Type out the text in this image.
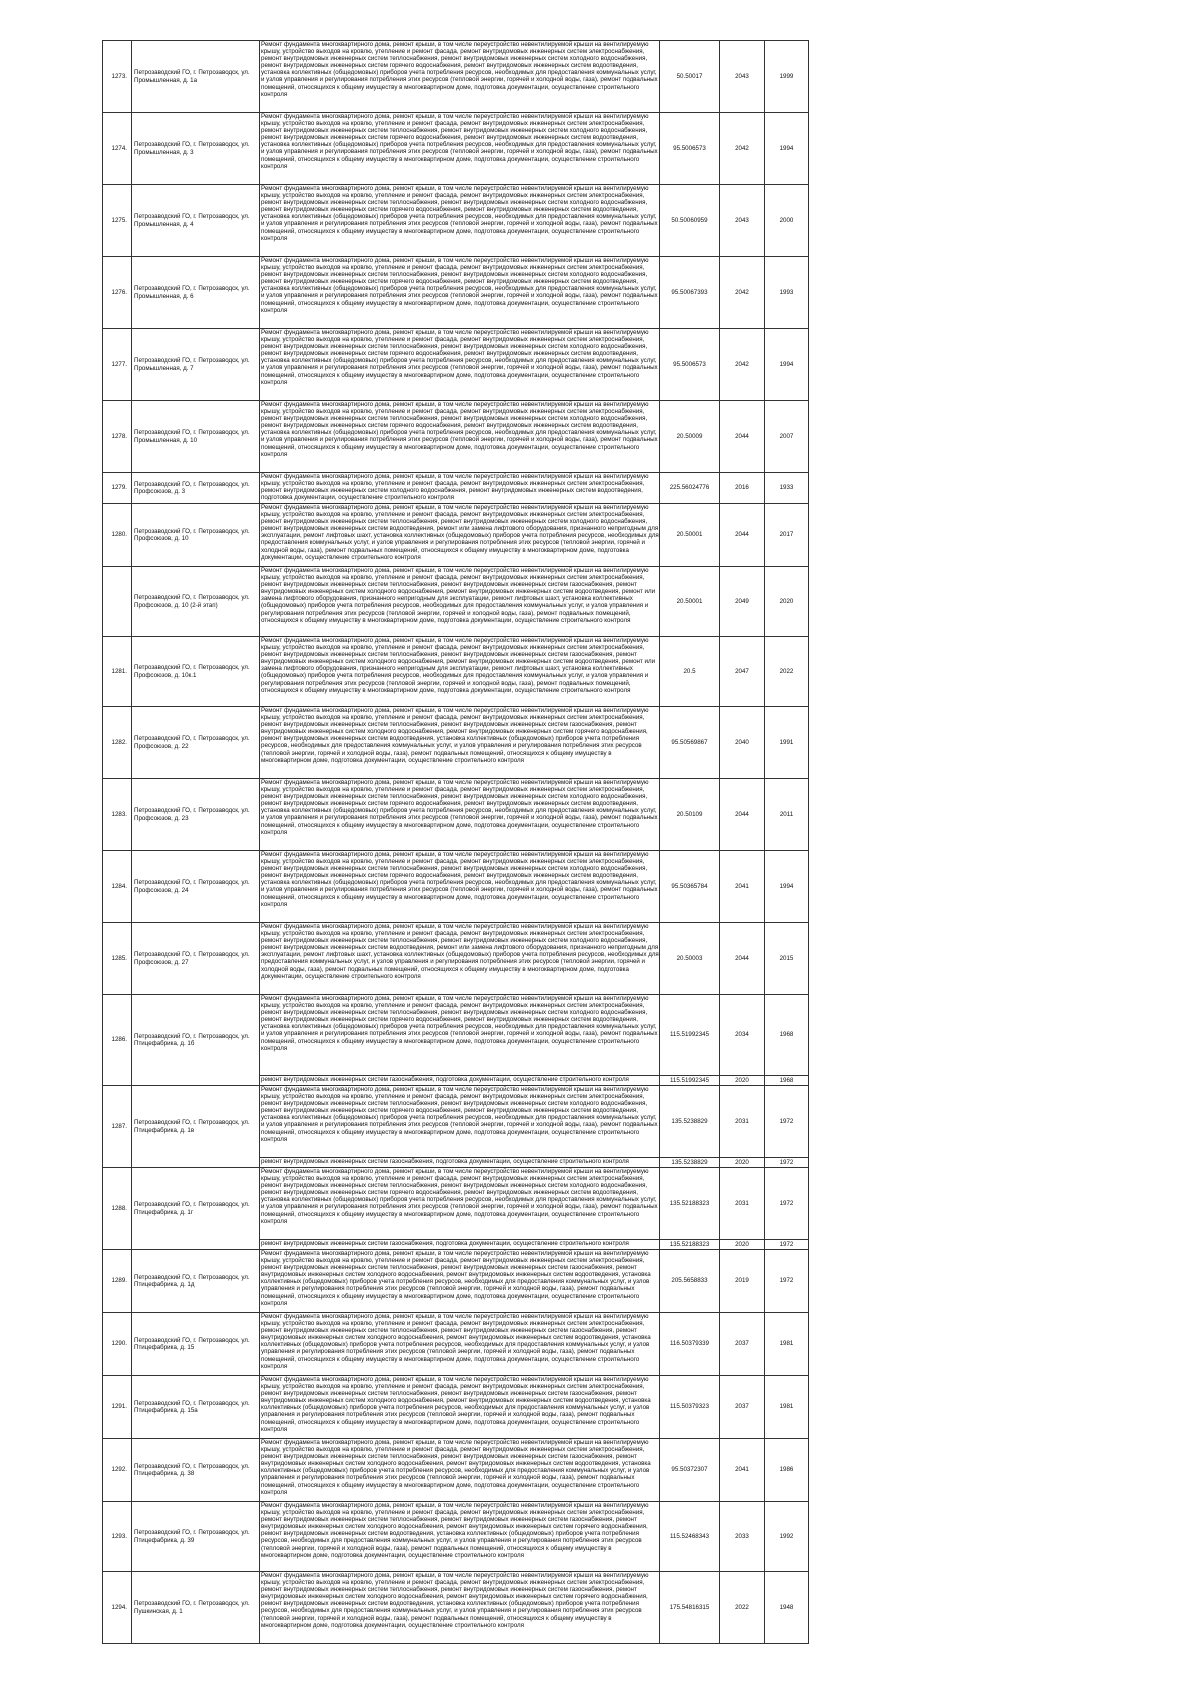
1273.	Петрозаводский ГО, г. Петрозаводск, ул. Промышленная, д. 1а	Ремонт фундамента многоквартирного дома, ремонт крыши, в том числе переустройство невентилируемой крыши на вентилируемую крышу, устройство выходов на кровлю, утепление и ремонт фасада, ремонт внутридомовых инженерных систем электроснабжения, ремонт внутридомовых инженерных систем теплоснабжения, ремонт внутридомовых инженерных систем холодного водоснабжения, ремонт внутридомовых инженерных систем горячего водоснабжения, ремонт внутридомовых инженерных систем водоотведения, установка коллективных (общедомовых) приборов учета потребления ресурсов, необходимых для предоставления коммунальных услуг, и узлов управления и регулирования потребления этих ресурсов (тепловой энергии, горячей и холодной воды, газа), ремонт подвальных помещений, относящихся к общему имуществу в многоквартирном доме, подготовка документации, осуществление строительного контроля	50.50017	2043	1999
1274.	Петрозаводский ГО, г. Петрозаводск, ул. Промышленная, д. 3	Ремонт фундамента многоквартирного дома, ремонт крыши, в том числе переустройство невентилируемой крыши на вентилируемую крышу, устройство выходов на кровлю, утепление и ремонт фасада, ремонт внутридомовых инженерных систем электроснабжения, ремонт внутридомовых инженерных систем теплоснабжения, ремонт внутридомовых инженерных систем холодного водоснабжения, ремонт внутридомовых инженерных систем горячего водоснабжения, ремонт внутридомовых инженерных систем водоотведения, установка коллективных (общедомовых) приборов учета потребления ресурсов, необходимых для предоставления коммунальных услуг, и узлов управления и регулирования потребления этих ресурсов (тепловой энергии, горячей и холодной воды, газа), ремонт подвальных помещений, относящихся к общему имуществу в многоквартирном доме, подготовка документации, осуществление строительного контроля	95.5006573	2042	1994
1275.	Петрозаводский ГО, г. Петрозаводск, ул. Промышленная, д. 4	Ремонт фундамента многоквартирного дома, ремонт крыши, в том числе переустройство невентилируемой крыши на вентилируемую крышу, устройство выходов на кровлю, утепление и ремонт фасада, ремонт внутридомовых инженерных систем электроснабжения, ремонт внутридомовых инженерных систем теплоснабжения, ремонт внутридомовых инженерных систем холодного водоснабжения, ремонт внутридомовых инженерных систем горячего водоснабжения, ремонт внутридомовых инженерных систем водоотведения, установка коллективных (общедомовых) приборов учета потребления ресурсов, необходимых для предоставления коммунальных услуг, и узлов управления и регулирования потребления этих ресурсов (тепловой энергии, горячей и холодной воды, газа), ремонт подвальных помещений, относящихся к общему имуществу в многоквартирном доме, подготовка документации, осуществление строительного контроля	50.50060959	2043	2000
1276.	Петрозаводский ГО, г. Петрозаводск, ул. Промышленная, д. 6	Ремонт фундамента многоквартирного дома, ремонт крыши, в том числе переустройство невентилируемой крыши на вентилируемую крышу, устройство выходов на кровлю, утепление и ремонт фасада, ремонт внутридомовых инженерных систем электроснабжения, ремонт внутридомовых инженерных систем теплоснабжения, ремонт внутридомовых инженерных систем холодного водоснабжения, ремонт внутридомовых инженерных систем горячего водоснабжения, ремонт внутридомовых инженерных систем водоотведения, установка коллективных (общедомовых) приборов учета потребления ресурсов, необходимых для предоставления коммунальных услуг, и узлов управления и регулирования потребления этих ресурсов (тепловой энергии, горячей и холодной воды, газа), ремонт подвальных помещений, относящихся к общему имуществу в многоквартирном доме, подготовка документации, осуществление строительного контроля	95.50067393	2042	1993
1277.	Петрозаводский ГО, г. Петрозаводск, ул. Промышленная, д. 7	Ремонт фундамента многоквартирного дома, ремонт крыши, в том числе переустройство невентилируемой крыши на вентилируемую крышу, устройство выходов на кровлю, утепление и ремонт фасада, ремонт внутридомовых инженерных систем электроснабжения, ремонт внутридомовых инженерных систем теплоснабжения, ремонт внутридомовых инженерных систем холодного водоснабжения, ремонт внутридомовых инженерных систем горячего водоснабжения, ремонт внутридомовых инженерных систем водоотведения, установка коллективных (общедомовых) приборов учета потребления ресурсов, необходимых для предоставления коммунальных услуг, и узлов управления и регулирования потребления этих ресурсов (тепловой энергии, горячей и холодной воды, газа), ремонт подвальных помещений, относящихся к общему имуществу в многоквартирном доме, подготовка документации, осуществление строительного контроля	95.5006573	2042	1994
1278.	Петрозаводский ГО, г. Петрозаводск, ул. Промышленная, д. 10	Ремонт фундамента многоквартирного дома, ремонт крыши, в том числе переустройство невентилируемой крыши на вентилируемую крышу, устройство выходов на кровлю, утепление и ремонт фасада, ремонт внутридомовых инженерных систем электроснабжения, ремонт внутридомовых инженерных систем теплоснабжения, ремонт внутридомовых инженерных систем холодного водоснабжения, ремонт внутридомовых инженерных систем горячего водоснабжения, ремонт внутридомовых инженерных систем водоотведения, установка коллективных (общедомовых) приборов учета потребления ресурсов, необходимых для предоставления коммунальных услуг, и узлов управления и регулирования потребления этих ресурсов (тепловой энергии, горячей и холодной воды, газа), ремонт подвальных помещений, относящихся к общему имуществу в многоквартирном доме, подготовка документации, осуществление строительного контроля	20.50009	2044	2007
1279.	Петрозаводский ГО, г. Петрозаводск, ул. Профсоюзов, д. 3	Ремонт фундамента многоквартирного дома, ремонт крыши, в том числе переустройство невентилируемой крыши на вентилируемую крышу, устройство выходов на кровлю, утепление и ремонт фасада, ремонт внутридомовых инженерных систем электроснабжения, ремонт внутридомовых инженерных систем холодного водоснабжения, ремонт внутридомовых инженерных систем водоотведения, подготовка документации, осуществление строительного контроля	225.56024776	2016	1933
1280.	Петрозаводский ГО, г. Петрозаводск, ул. Профсоюзов, д. 10	Ремонт фундамента многоквартирного дома, ремонт крыши, в том числе переустройство невентилируемой крыши на вентилируемую крышу, устройство выходов на кровлю, утепление и ремонт фасада, ремонт внутридомовых инженерных систем электроснабжения, ремонт внутридомовых инженерных систем теплоснабжения, ремонт внутридомовых инженерных систем холодного водоснабжения, ремонт внутридомовых инженерных систем водоотведения, ремонт или замена лифтового оборудования, признанного непригодным для эксплуатации, ремонт лифтовых шахт, установка коллективных (общедомовых) приборов учета потребления ресурсов, необходимых для предоставления коммунальных услуг, и узлов управления и регулирования потребления этих ресурсов (тепловой энергии, горячей и холодной воды, газа), ремонт подвальных помещений, относящихся к общему имуществу в многоквартирном доме, подготовка документации, осуществление строительного контроля	20.50001	2044	2017
	Петрозаводский ГО, г. Петрозаводск, ул. Профсоюзов, д. 10 (2-й этап)	Ремонт фундамента многоквартирного дома, ремонт крыши, в том числе переустройство невентилируемой крыши на вентилируемую крышу, устройство выходов на кровлю, утепление и ремонт фасада, ремонт внутридомовых инженерных систем электроснабжения, ремонт внутридомовых инженерных систем теплоснабжения, ремонт внутридомовых инженерных систем газоснабжения, ремонт внутридомовых инженерных систем холодного водоснабжения, ремонт внутридомовых инженерных систем водоотведения, ремонт или замена лифтового оборудования, признанного непригодным для эксплуатации, ремонт лифтовых шахт, установка коллективных (общедомовых) приборов учета потребления ресурсов, необходимых для предоставления коммунальных услуг, и узлов управления и регулирования потребления этих ресурсов (тепловой энергии, горячей и холодной воды, газа), ремонт подвальных помещений, относящихся к общему имуществу в многоквартирном доме, подготовка документации, осуществление строительного контроля	20.50001	2049	2020
1281.	Петрозаводский ГО, г. Петрозаводск, ул. Профсоюзов, д. 10к.1	Ремонт фундамента многоквартирного дома, ремонт крыши, в том числе переустройство невентилируемой крыши на вентилируемую крышу, устройство выходов на кровлю, утепление и ремонт фасада, ремонт внутридомовых инженерных систем электроснабжения, ремонт внутридомовых инженерных систем теплоснабжения, ремонт внутридомовых инженерных систем газоснабжения, ремонт внутридомовых инженерных систем холодного водоснабжения, ремонт внутридомовых инженерных систем водоотведения, ремонт или замена лифтового оборудования, признанного непригодным для эксплуатации, ремонт лифтовых шахт, установка коллективных (общедомовых) приборов учета потребления ресурсов, необходимых для предоставления коммунальных услуг, и узлов управления и регулирования потребления этих ресурсов (тепловой энергии, горячей и холодной воды, газа), ремонт подвальных помещений, относящихся к общему имуществу в многоквартирном доме, подготовка документации, осуществление строительного контроля	20.5	2047	2022
1282.	Петрозаводский ГО, г. Петрозаводск, ул. Профсоюзов, д. 22	Ремонт фундамента многоквартирного дома, ремонт крыши, в том числе переустройство невентилируемой крыши на вентилируемую крышу, устройство выходов на кровлю, утепление и ремонт фасада, ремонт внутридомовых инженерных систем электроснабжения, ремонт внутридомовых инженерных систем теплоснабжения, ремонт внутридомовых инженерных систем газоснабжения, ремонт внутридомовых инженерных систем холодного водоснабжения, ремонт внутридомовых инженерных систем горячего водоснабжения, ремонт внутридомовых инженерных систем водоотведения, установка коллективных (общедомовых) приборов учета потребления ресурсов, необходимых для предоставления коммунальных услуг, и узлов управления и регулирования потребления этих ресурсов (тепловой энергии, горячей и холодной воды, газа), ремонт подвальных помещений, относящихся к общему имуществу в многоквартирном доме, подготовка документации, осуществление строительного контроля	95.50569867	2040	1991
1283.	Петрозаводский ГО, г. Петрозаводск, ул. Профсоюзов, д. 23	Ремонт фундамента многоквартирного дома, ремонт крыши, в том числе переустройство невентилируемой крыши на вентилируемую крышу, устройство выходов на кровлю, утепление и ремонт фасада, ремонт внутридомовых инженерных систем электроснабжения, ремонт внутридомовых инженерных систем теплоснабжения, ремонт внутридомовых инженерных систем холодного водоснабжения, ремонт внутридомовых инженерных систем горячего водоснабжения, ремонт внутридомовых инженерных систем водоотведения, установка коллективных (общедомовых) приборов учета потребления ресурсов, необходимых для предоставления коммунальных услуг, и узлов управления и регулирования потребления этих ресурсов (тепловой энергии, горячей и холодной воды, газа), ремонт подвальных помещений, относящихся к общему имуществу в многоквартирном доме, подготовка документации, осуществление строительного контроля	20.50109	2044	2011
1284.	Петрозаводский ГО, г. Петрозаводск, ул. Профсоюзов, д. 24	Ремонт фундамента многоквартирного дома, ремонт крыши, в том числе переустройство невентилируемой крыши на вентилируемую крышу, устройство выходов на кровлю, утепление и ремонт фасада, ремонт внутридомовых инженерных систем электроснабжения, ремонт внутридомовых инженерных систем теплоснабжения, ремонт внутридомовых инженерных систем холодного водоснабжения, ремонт внутридомовых инженерных систем горячего водоснабжения, ремонт внутридомовых инженерных систем водоотведения, установка коллективных (общедомовых) приборов учета потребления ресурсов, необходимых для предоставления коммунальных услуг, и узлов управления и регулирования потребления этих ресурсов (тепловой энергии, горячей и холодной воды, газа), ремонт подвальных помещений, относящихся к общему имуществу в многоквартирном доме, подготовка документации, осуществление строительного контроля	95.50365784	2041	1994
1285.	Петрозаводский ГО, г. Петрозаводск, ул. Профсоюзов, д. 27	Ремонт фундамента многоквартирного дома, ремонт крыши, в том числе переустройство невентилируемой крыши на вентилируемую крышу, устройство выходов на кровлю, утепление и ремонт фасада, ремонт внутридомовых инженерных систем электроснабжения, ремонт внутридомовых инженерных систем теплоснабжения, ремонт внутридомовых инженерных систем холодного водоснабжения, ремонт внутридомовых инженерных систем водоотведения, ремонт или замена лифтового оборудования, признанного непригодным для эксплуатации, ремонт лифтовых шахт, установка коллективных (общедомовых) приборов учета потребления ресурсов, необходимых для предоставления коммунальных услуг, и узлов управления и регулирования потребления этих ресурсов (тепловой энергии, горячей и холодной воды, газа), ремонт подвальных помещений, относящихся к общему имуществу в многоквартирном доме, подготовка документации, осуществление строительного контроля	20.50003	2044	2015
1286.	Петрозаводский ГО, г. Петрозаводск, ул. Птицефабрика, д. 1б	Ремонт фундамента многоквартирного дома, ремонт крыши, в том числе переустройство невентилируемой крыши на вентилируемую крышу, устройство выходов на кровлю, утепление и ремонт фасада, ремонт внутридомовых инженерных систем электроснабжения, ремонт внутридомовых инженерных систем теплоснабжения, ремонт внутридомовых инженерных систем холодного водоснабжения, ремонт внутридомовых инженерных систем горячего водоснабжения, ремонт внутридомовых инженерных систем водоотведения, установка коллективных (общедомовых) приборов учета потребления ресурсов, необходимых для предоставления коммунальных услуг, и узлов управления и регулирования потребления этих ресурсов (тепловой энергии, горячей и холодной воды, газа), ремонт подвальных помещений, относящихся к общему имуществу в многоквартирном доме, подготовка документации, осуществление строительного контроля	115.51992345	2034	1968

		ремонт внутридомовых инженерных систем газоснабжения, подготовка документации, осуществление строительного контроля	115.51992345	2020	1968
1287.	Петрозаводский ГО, г. Петрозаводск, ул. Птицефабрика, д. 1в	Ремонт фундамента многоквартирного дома, ремонт крыши, в том числе переустройство невентилируемой крыши на вентилируемую крышу, устройство выходов на кровлю, утепление и ремонт фасада, ремонт внутридомовых инженерных систем электроснабжения, ремонт внутридомовых инженерных систем теплоснабжения, ремонт внутридомовых инженерных систем холодного водоснабжения, ремонт внутридомовых инженерных систем горячего водоснабжения, ремонт внутридомовых инженерных систем водоотведения, установка коллективных (общедомовых) приборов учета потребления ресурсов, необходимых для предоставления коммунальных услуг, и узлов управления и регулирования потребления этих ресурсов (тепловой энергии, горячей и холодной воды, газа), ремонт подвальных помещений, относящихся к общему имуществу в многоквартирном доме, подготовка документации, осуществление строительного контроля	135.5238829	2031	1972

		ремонт внутридомовых инженерных систем газоснабжения, подготовка документации, осуществление строительного контроля	135.5238829	2020	1972
1288.	Петрозаводский ГО, г. Петрозаводск, ул. Птицефабрика, д. 1г	Ремонт фундамента многоквартирного дома, ремонт крыши, в том числе переустройство невентилируемой крыши на вентилируемую крышу, устройство выходов на кровлю, утепление и ремонт фасада, ремонт внутридомовых инженерных систем электроснабжения, ремонт внутридомовых инженерных систем теплоснабжения, ремонт внутридомовых инженерных систем холодного водоснабжения, ремонт внутридомовых инженерных систем горячего водоснабжения, ремонт внутридомовых инженерных систем водоотведения, установка коллективных (общедомовых) приборов учета потребления ресурсов, необходимых для предоставления коммунальных услуг, и узлов управления и регулирования потребления этих ресурсов (тепловой энергии, горячей и холодной воды, газа), ремонт подвальных помещений, относящихся к общему имуществу в многоквартирном доме, подготовка документации, осуществление строительного контроля	135.52188323	2031	1972

		ремонт внутридомовых инженерных систем газоснабжения, подготовка документации, осуществление строительного контроля	135.52188323	2020	1972
1289.	Петрозаводский ГО, г. Петрозаводск, ул. Птицефабрика, д. 1д	Ремонт фундамента многоквартирного дома, ремонт крыши, в том числе переустройство невентилируемой крыши на вентилируемую крышу, устройство выходов на кровлю, утепление и ремонт фасада, ремонт внутридомовых инженерных систем электроснабжения, ремонт внутридомовых инженерных систем теплоснабжения, ремонт внутридомовых инженерных систем газоснабжения, ремонт внутридомовых инженерных систем холодного водоснабжения, ремонт внутридомовых инженерных систем водоотведения, установка коллективных (общедомовых) приборов учета потребления ресурсов, необходимых для предоставления коммунальных услуг, и узлов управления и регулирования потребления этих ресурсов (тепловой энергии, горячей и холодной воды, газа), ремонт подвальных помещений, относящихся к общему имуществу в многоквартирном доме, подготовка документации, осуществление строительного контроля	205.5658833	2019	1972
1290.	Петрозаводский ГО, г. Петрозаводск, ул. Птицефабрика, д. 15	Ремонт фундамента многоквартирного дома, ремонт крыши, в том числе переустройство невентилируемой крыши на вентилируемую крышу, устройство выходов на кровлю, утепление и ремонт фасада, ремонт внутридомовых инженерных систем электроснабжения, ремонт внутридомовых инженерных систем теплоснабжения, ремонт внутридомовых инженерных систем газоснабжения, ремонт внутридомовых инженерных систем холодного водоснабжения, ремонт внутридомовых инженерных систем водоотведения, установка коллективных (общедомовых) приборов учета потребления ресурсов, необходимых для предоставления коммунальных услуг, и узлов управления и регулирования потребления этих ресурсов (тепловой энергии, горячей и холодной воды, газа), ремонт подвальных помещений, относящихся к общему имуществу в многоквартирном доме, подготовка документации, осуществление строительного контроля	116.50379339	2037	1981
1291.	Петрозаводский ГО, г. Петрозаводск, ул. Птицефабрика, д. 15а	Ремонт фундамента многоквартирного дома, ремонт крыши, в том числе переустройство невентилируемой крыши на вентилируемую крышу, устройство выходов на кровлю, утепление и ремонт фасада, ремонт внутридомовых инженерных систем электроснабжения, ремонт внутридомовых инженерных систем теплоснабжения, ремонт внутридомовых инженерных систем газоснабжения, ремонт внутридомовых инженерных систем холодного водоснабжения, ремонт внутридомовых инженерных систем водоотведения, установка коллективных (общедомовых) приборов учета потребления ресурсов, необходимых для предоставления коммунальных услуг, и узлов управления и регулирования потребления этих ресурсов (тепловой энергии, горячей и холодной воды, газа), ремонт подвальных помещений, относящихся к общему имуществу в многоквартирном доме, подготовка документации, осуществление строительного контроля	115.50379323	2037	1981
1292.	Петрозаводский ГО, г. Петрозаводск, ул. Птицефабрика, д. 38	Ремонт фундамента многоквартирного дома, ремонт крыши, в том числе переустройство невентилируемой крыши на вентилируемую крышу, устройство выходов на кровлю, утепление и ремонт фасада, ремонт внутридомовых инженерных систем электроснабжения, ремонт внутридомовых инженерных систем теплоснабжения, ремонт внутридомовых инженерных систем газоснабжения, ремонт внутридомовых инженерных систем холодного водоснабжения, ремонт внутридомовых инженерных систем водоотведения, установка коллективных (общедомовых) приборов учета потребления ресурсов, необходимых для предоставления коммунальных услуг, и узлов управления и регулирования потребления этих ресурсов (тепловой энергии, горячей и холодной воды, газа), ремонт подвальных помещений, относящихся к общему имуществу в многоквартирном доме, подготовка документации, осуществление строительного контроля	95.50372307	2041	1986
1293.	Петрозаводский ГО, г. Петрозаводск, ул. Птицефабрика, д. 39	Ремонт фундамента многоквартирного дома, ремонт крыши, в том числе переустройство невентилируемой крыши на вентилируемую крышу, устройство выходов на кровлю, утепление и ремонт фасада, ремонт внутридомовых инженерных систем электроснабжения, ремонт внутридомовых инженерных систем теплоснабжения, ремонт внутридомовых инженерных систем газоснабжения, ремонт внутридомовых инженерных систем холодного водоснабжения, ремонт внутридомовых инженерных систем горячего водоснабжения, ремонт внутридомовых инженерных систем водоотведения, установка коллективных (общедомовых) приборов учета потребления ресурсов, необходимых для предоставления коммунальных услуг, и узлов управления и регулирования потребления этих ресурсов (тепловой энергии, горячей и холодной воды, газа), ремонт подвальных помещений, относящихся к общему имуществу в многоквартирном доме, подготовка документации, осуществление строительного контроля	115.52468343	2033	1992
1294.	Петрозаводский ГО, г. Петрозаводск, ул. Пушкинская, д. 1	Ремонт фундамента многоквартирного дома, ремонт крыши, в том числе переустройство невентилируемой крыши на вентилируемую крышу, устройство выходов на кровлю, утепление и ремонт фасада, ремонт внутридомовых инженерных систем электроснабжения, ремонт внутридомовых инженерных систем теплоснабжения, ремонт внутридомовых инженерных систем газоснабжения, ремонт внутридомовых инженерных систем холодного водоснабжения, ремонт внутридомовых инженерных систем горячего водоснабжения, ремонт внутридомовых инженерных систем водоотведения, установка коллективных (общедомовых) приборов учета потребления ресурсов, необходимых для предоставления коммунальных услуг, и узлов управления и регулирования потребления этих ресурсов (тепловой энергии, горячей и холодной воды, газа), ремонт подвальных помещений, относящихся к общему имуществу в многоквартирном доме, подготовка документации, осуществление строительного контроля	175.54816315	2022	1948
